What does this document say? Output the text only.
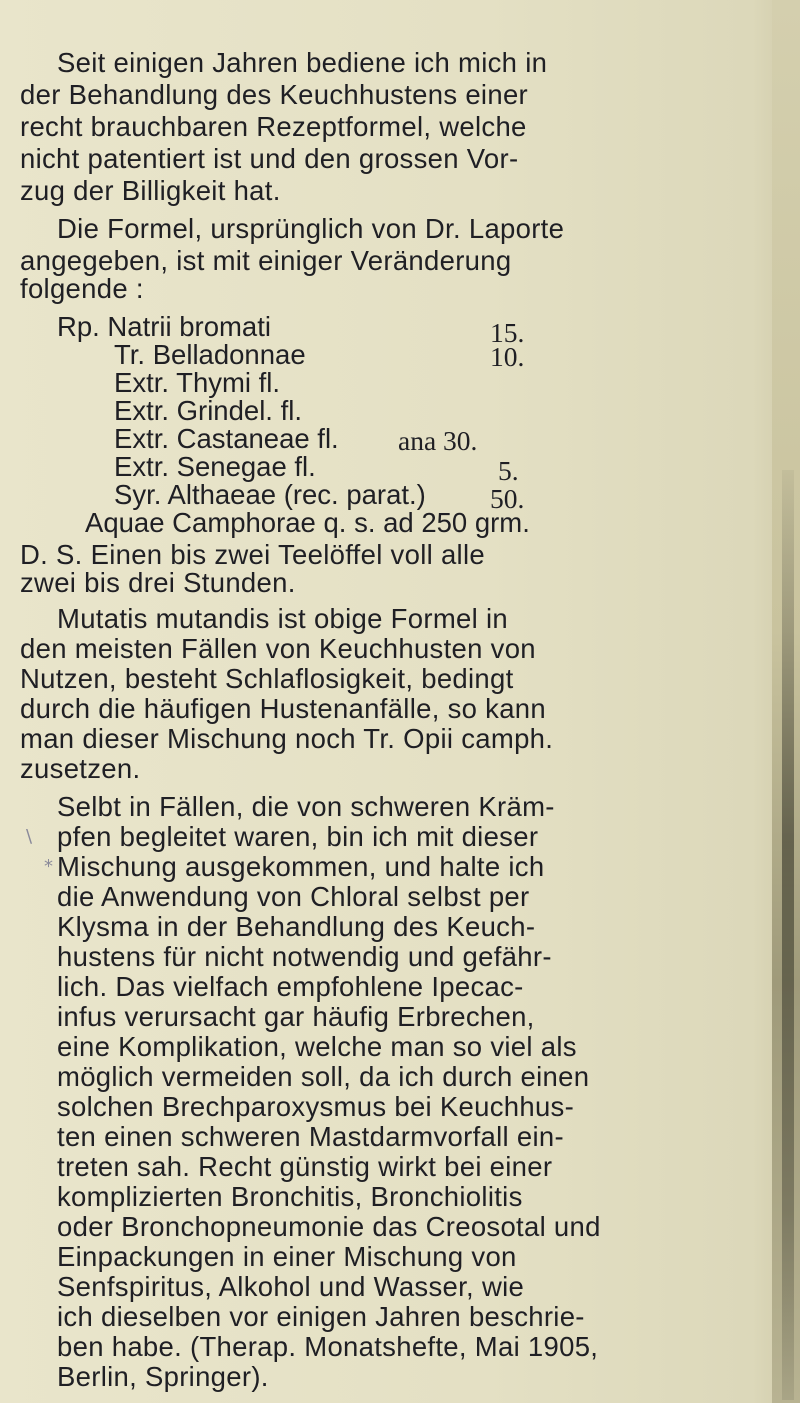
Seit einigen Jahren bediene ich mich in
der Behandlung des Keuchhustens einer
recht brauchbaren Rezeptformel, welche
nicht patentiert ist und den grossen Vor-
zug der Billigkeit hat.
Die Formel, ursprünglich von Dr. Laporte
angegeben, ist mit einiger Veränderung
folgende :
Rp. Natrii bromati	15.
Tr. Belladonnae	10.
Extr. Thymi fl.
Extr. Grindel. fl.
Extr. Castaneae fl. ana 30.
Extr. Senegae fl.	5.
Syr. Althaeae (rec. parat.) 50.
Aquae Camphorae q. s. ad 250 grm.
D. S. Einen bis zwei Teelöffel voll alle
zwei bis drei Stunden.
Mutatis mutandis ist obige Formel in
den meisten Fällen von Keuchhusten von
Nutzen, besteht Schlaflosigkeit, bedingt
durch die häufigen Hustenanfälle, so kann
man dieser Mischung noch Tr. Opii camph.
zusetzen.
Selbt in Fällen, die von schweren Kräm-
pfen begleitet waren, bin ich mit dieser
Mischung ausgekommen, und halte ich
die Anwendung von Chloral selbst per
Klysma in der Behandlung des Keuch-
hustens für nicht notwendig und gefähr-
lich. Das vielfach empfohlene Ipecac-
infus verursacht gar häufig Erbrechen,
eine Komplikation, welche man so viel als
möglich vermeiden soll, da ich durch einen
solchen Brechparoxysmus bei Keuchhus-
ten einen schweren Mastdarmvorfall ein-
treten sah. Recht günstig wirkt bei einer
komplizierten Bronchitis, Bronchiolitis
oder Bronchopneumonie das Creosotal und
Einpackungen in einer Mischung von
Senfspiritus, Alkohol und Wasser, wie
ich dieselben vor einigen Jahren beschrie-
ben habe. (Therap. Monatshefte, Mai 1905,
Berlin, Springer).
\
*
